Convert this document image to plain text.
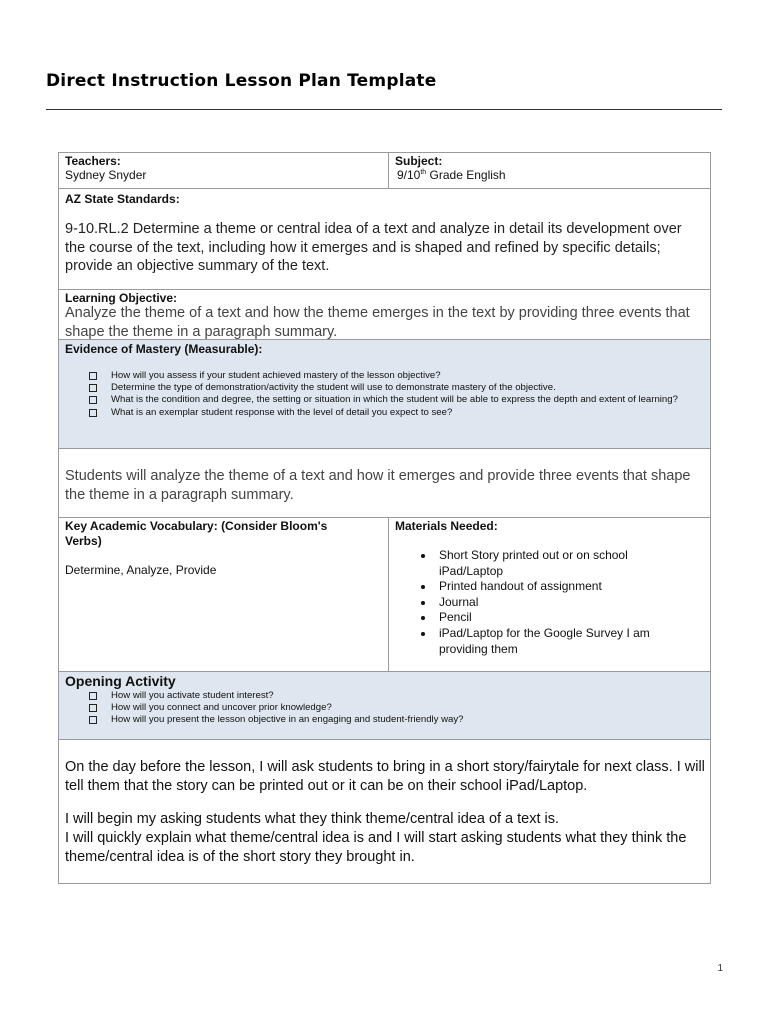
Direct Instruction Lesson Plan Template
Teachers:
Sydney Snyder
Subject:
9/10th Grade English
AZ State Standards:
9-10.RL.2 Determine a theme or central idea of a text and analyze in detail its development over the course of the text, including how it emerges and is shaped and refined by specific details; provide an objective summary of the text.
Learning Objective:
Analyze the theme of a text and how the theme emerges in the text by providing three events that shape the theme in a paragraph summary.
Evidence of Mastery (Measurable):
How will you assess if your student achieved mastery of the lesson objective?
Determine the type of demonstration/activity the student will use to demonstrate mastery of the objective.
What is the condition and degree, the setting or situation in which the student will be able to express the depth and extent of learning?
What is an exemplar student response with the level of detail you expect to see?
Students will analyze the theme of a text and how it emerges and provide three events that shape the theme in a paragraph summary.
Key Academic Vocabulary: (Consider Bloom's Verbs)
Determine, Analyze, Provide
Materials Needed:
Short Story printed out or on school iPad/Laptop
Printed handout of assignment
Journal
Pencil
iPad/Laptop for the Google Survey I am providing them
Opening Activity
How will you activate student interest?
How will you connect and uncover prior knowledge?
How will you present the lesson objective in an engaging and student-friendly way?
On the day before the lesson, I will ask students to bring in a short story/fairytale for next class. I will tell them that the story can be printed out or it can be on their school iPad/Laptop.
I will begin my asking students what they think theme/central idea of a text is.
I will quickly explain what theme/central idea is and I will start asking students what they think the theme/central idea is of the short story they brought in.
1
